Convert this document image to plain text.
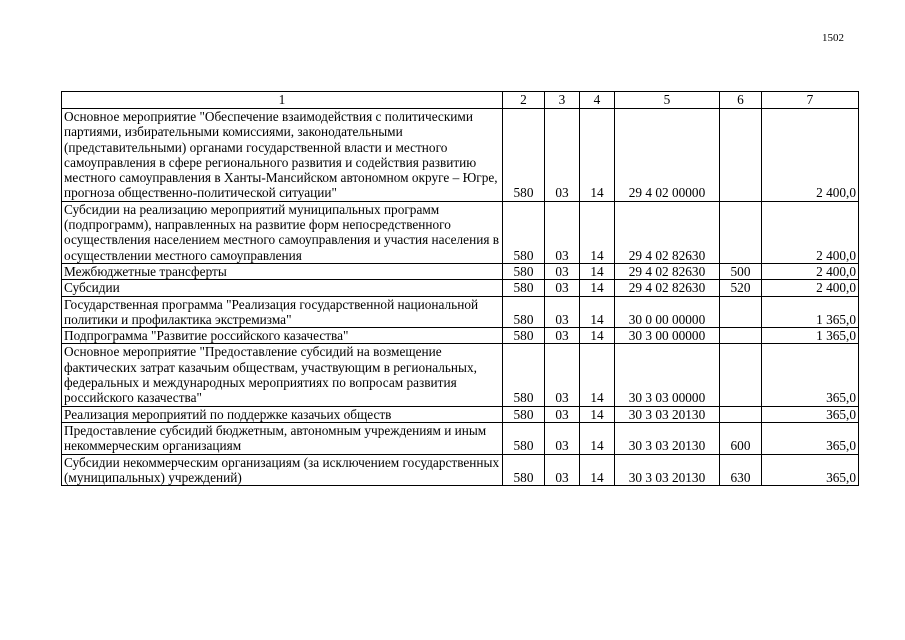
1502
1	2	3	4	5	6	7
Основное мероприятие "Обеспечение взаимодействия с политическими партиями, избирательными комиссиями, законодательными (представительными) органами государственной власти и местного самоуправления в сфере регионального развития и содействия развитию местного самоуправления в Ханты-Мансийском автономном округе – Югре, прогноза общественно-политической ситуации"	580	03	14	29 4 02 00000		2 400,0
Субсидии на реализацию мероприятий муниципальных программ (подпрограмм), направленных на развитие форм непосредственного осуществления населением местного самоуправления и участия населения в осуществлении местного самоуправления	580	03	14	29 4 02 82630		2 400,0
Межбюджетные трансферты	580	03	14	29 4 02 82630	500	2 400,0
Субсидии	580	03	14	29 4 02 82630	520	2 400,0
Государственная программа "Реализация государственной национальной политики и профилактика экстремизма"	580	03	14	30 0 00 00000		1 365,0
Подпрограмма "Развитие российского казачества"	580	03	14	30 3 00 00000		1 365,0
Основное мероприятие "Предоставление субсидий на возмещение фактических затрат казачьим обществам, участвующим в региональных, федеральных и международных мероприятиях по вопросам развития российского казачества"	580	03	14	30 3 03 00000		365,0
Реализация мероприятий по поддержке казачьих обществ	580	03	14	30 3 03 20130		365,0
Предоставление субсидий бюджетным, автономным учреждениям и иным некоммерческим организациям	580	03	14	30 3 03 20130	600	365,0
Субсидии некоммерческим организациям (за исключением государственных (муниципальных) учреждений)	580	03	14	30 3 03 20130	630	365,0
